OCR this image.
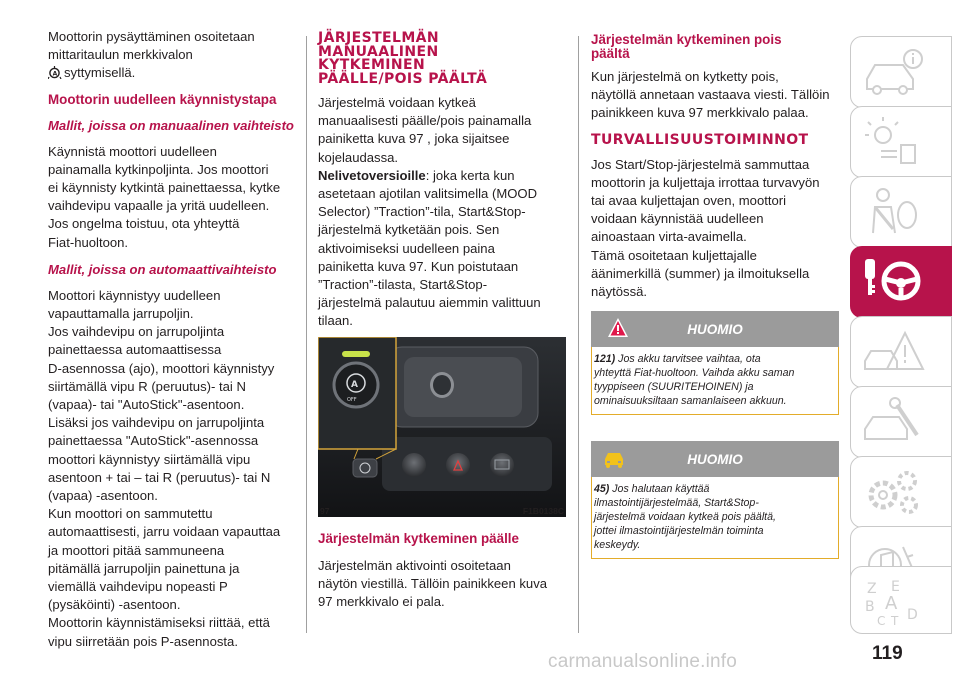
Moottorin pysäyttäminen osoitetaan

mittaritaulun merkkivalon

A syttymisellä.

Moottorin uudelleen käynnistystapa
Mallit, joissa on manuaalinen vaihteisto

Käynnistä moottori uudelleen

painamalla kytkinpoljinta. Jos moottori

ei käynnisty kytkintä painettaessa, kytke

vaihdevipu vapaalle ja yritä uudelleen.

Jos ongelma toistuu, ota yhteyttä

Fiat-huoltoon.

Mallit, joissa on automaattivaihteisto

Moottori käynnistyy uudelleen

vapauttamalla jarrupoljin.

Jos vaihdevipu on jarrupoljinta

painettaessa automaattisessa

D-asennossa (ajo), moottori käynnistyy

siirtämällä vipu R (peruutus)- tai N

(vapaa)- tai "AutoStick"-asentoon.

Lisäksi jos vaihdevipu on jarrupoljinta

painettaessa "AutoStick"-asennossa

moottori käynnistyy siirtämällä vipu

asentoon + tai – tai R (peruutus)- tai N

(vapaa) -asentoon.

Kun moottori on sammutettu

automaattisesti, jarru voidaan vapauttaa

ja moottori pitää sammuneena

pitämällä jarrupoljin painettuna ja

viemällä vaihdevipu nopeasti P

(pysäköinti) -asentoon.

Moottorin käynnistämiseksi riittää, että

vipu siirretään pois P-asennosta.

JÄRJESTELMÄN
MANUAALINEN
KYTKEMINEN
PÄÄLLE/POIS PÄÄLTÄ

Järjestelmä voidaan kytkeä

manuaalisesti päälle/pois painamalla

painiketta kuva 97 , joka sijaitsee

kojelaudassa.

Nelivetoversioille: joka kerta kun

asetetaan ajotilan valitsimella (MOOD

Selector) ”Traction”-tila, Start&Stop-

järjestelmä kytketään pois. Sen

aktivoimiseksi uudelleen paina

painiketta kuva 97. Kun poistutaan

”Traction”-tilasta, Start&Stop-

järjestelmä palautuu aiemmin valittuun

tilaan.

A
OFF
97	F1B0138C
Järjestelmän kytkeminen päälle

Järjestelmän aktivointi osoitetaan

näytön viestillä. Tällöin painikkeen kuva

97 merkkivalo ei pala.

Järjestelmän kytkeminen pois
päältä

Kun järjestelmä on kytketty pois,

näytöllä annetaan vastaava viesti. Tällöin

painikkeen kuva 97 merkkivalo palaa.

TURVALLISUUSTOIMINNOT

Jos Start/Stop-järjestelmä sammuttaa

moottorin ja kuljettaja irrottaa turvavyön

tai avaa kuljettajan oven, moottori

voidaan käynnistää uudelleen

ainoastaan virta-avaimella.

Tämä osoitetaan kuljettajalle

äänimerkillä (summer) ja ilmoituksella

näytössä.

HUOMIO
121) Jos akku tarvitsee vaihtaa, ota
yhteyttä Fiat-huoltoon. Vaihda akku saman
tyyppiseen (SUURITEHOINEN) ja
ominaisuuksiltaan samanlaiseen akkuun.
HUOMIO
45) Jos halutaan käyttää
ilmastointijärjestelmää, Start&Stop-
järjestelmä voidaan kytkeä pois päältä,
jottei ilmastointijärjestelmän toiminta
keskeydy.
Z E
B A
C T D
119
carmanualsonline.info
